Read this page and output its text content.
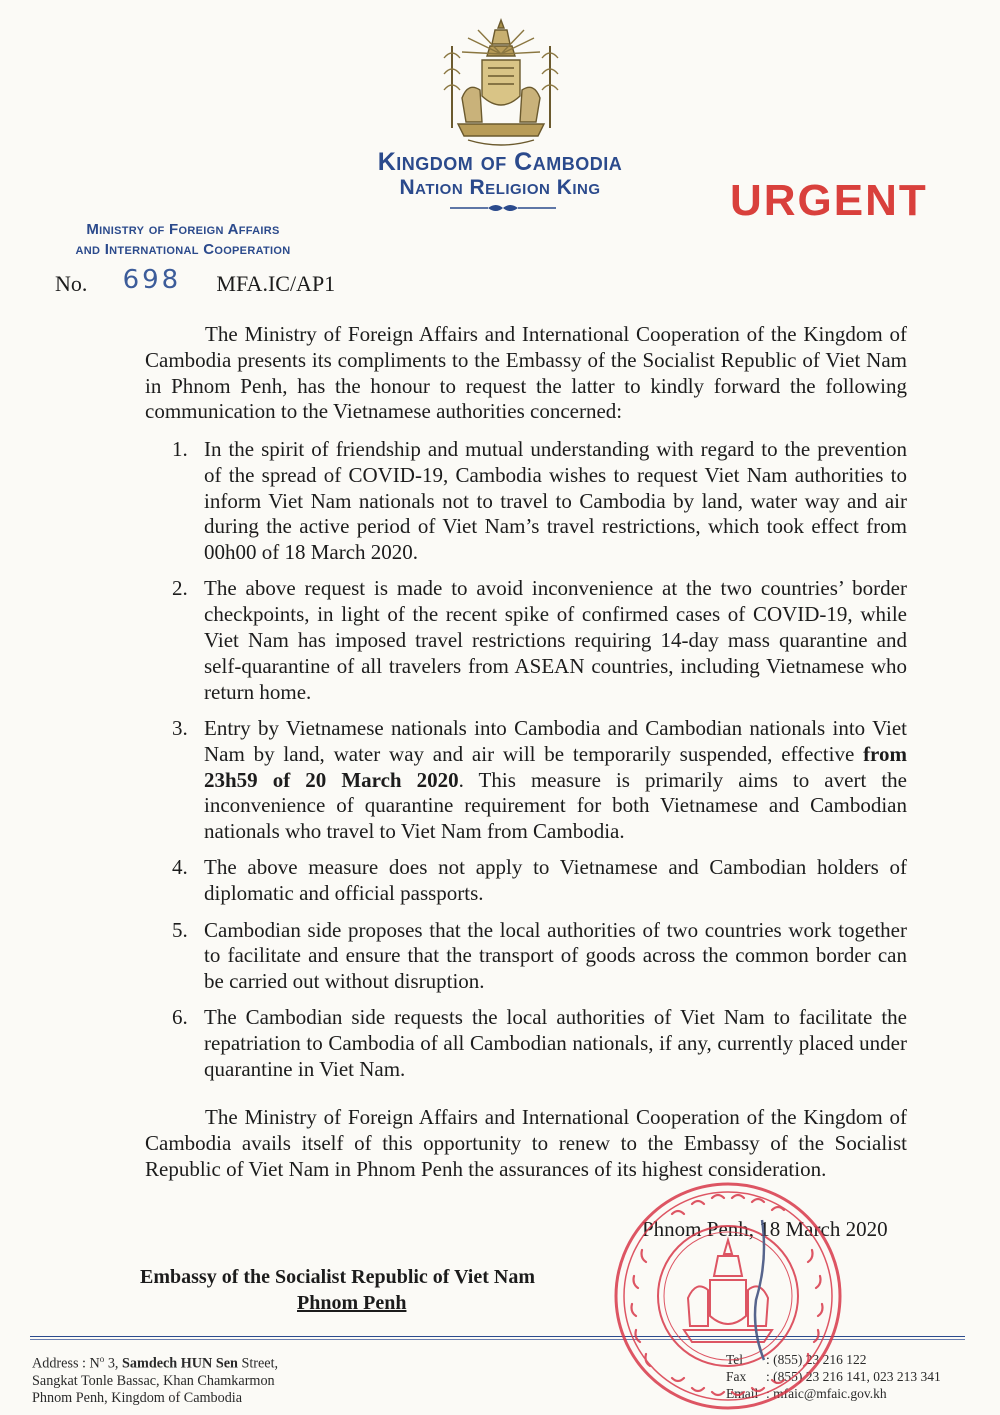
Kingdom of Cambodia
Nation Religion King	URGENT
Ministry of Foreign Affairs
and International Cooperation
No. 698 MFA.IC/AP1
The Ministry of Foreign Affairs and International Cooperation of the Kingdom of Cambodia presents its compliments to the Embassy of the Socialist Republic of Viet Nam in Phnom Penh, has the honour to request the latter to kindly forward the following communication to the Vietnamese authorities concerned:
1. In the spirit of friendship and mutual understanding with regard to the prevention of the spread of COVID-19, Cambodia wishes to request Viet Nam authorities to inform Viet Nam nationals not to travel to Cambodia by land, water way and air during the active period of Viet Nam’s travel restrictions, which took effect from 00h00 of 18 March 2020.
2. The above request is made to avoid inconvenience at the two countries’ border checkpoints, in light of the recent spike of confirmed cases of COVID-19, while Viet Nam has imposed travel restrictions requiring 14-day mass quarantine and self-quarantine of all travelers from ASEAN countries, including Vietnamese who return home.
3. Entry by Vietnamese nationals into Cambodia and Cambodian nationals into Viet Nam by land, water way and air will be temporarily suspended, effective from 23h59 of 20 March 2020. This measure is primarily aims to avert the inconvenience of quarantine requirement for both Vietnamese and Cambodian nationals who travel to Viet Nam from Cambodia.
4. The above measure does not apply to Vietnamese and Cambodian holders of diplomatic and official passports.
5. Cambodian side proposes that the local authorities of two countries work together to facilitate and ensure that the transport of goods across the common border can be carried out without disruption.
6. The Cambodian side requests the local authorities of Viet Nam to facilitate the repatriation to Cambodia of all Cambodian nationals, if any, currently placed under quarantine in Viet Nam.
The Ministry of Foreign Affairs and International Cooperation of the Kingdom of Cambodia avails itself of this opportunity to renew to the Embassy of the Socialist Republic of Viet Nam in Phnom Penh the assurances of its highest consideration.
Phnom Penh, 18 March 2020
Embassy of the Socialist Republic of Viet Nam
Phnom Penh
Address : $N^o$ 3, Samdech HUN Sen Street,
Sangkat Tonle Bassac, Khan Chamkarmon
Phnom Penh, Kingdom of Cambodia
Tel : (855) 23 216 122
Fax : (855) 23 216 141, 023 213 341
Email : mfaic@mfaic.gov.kh
